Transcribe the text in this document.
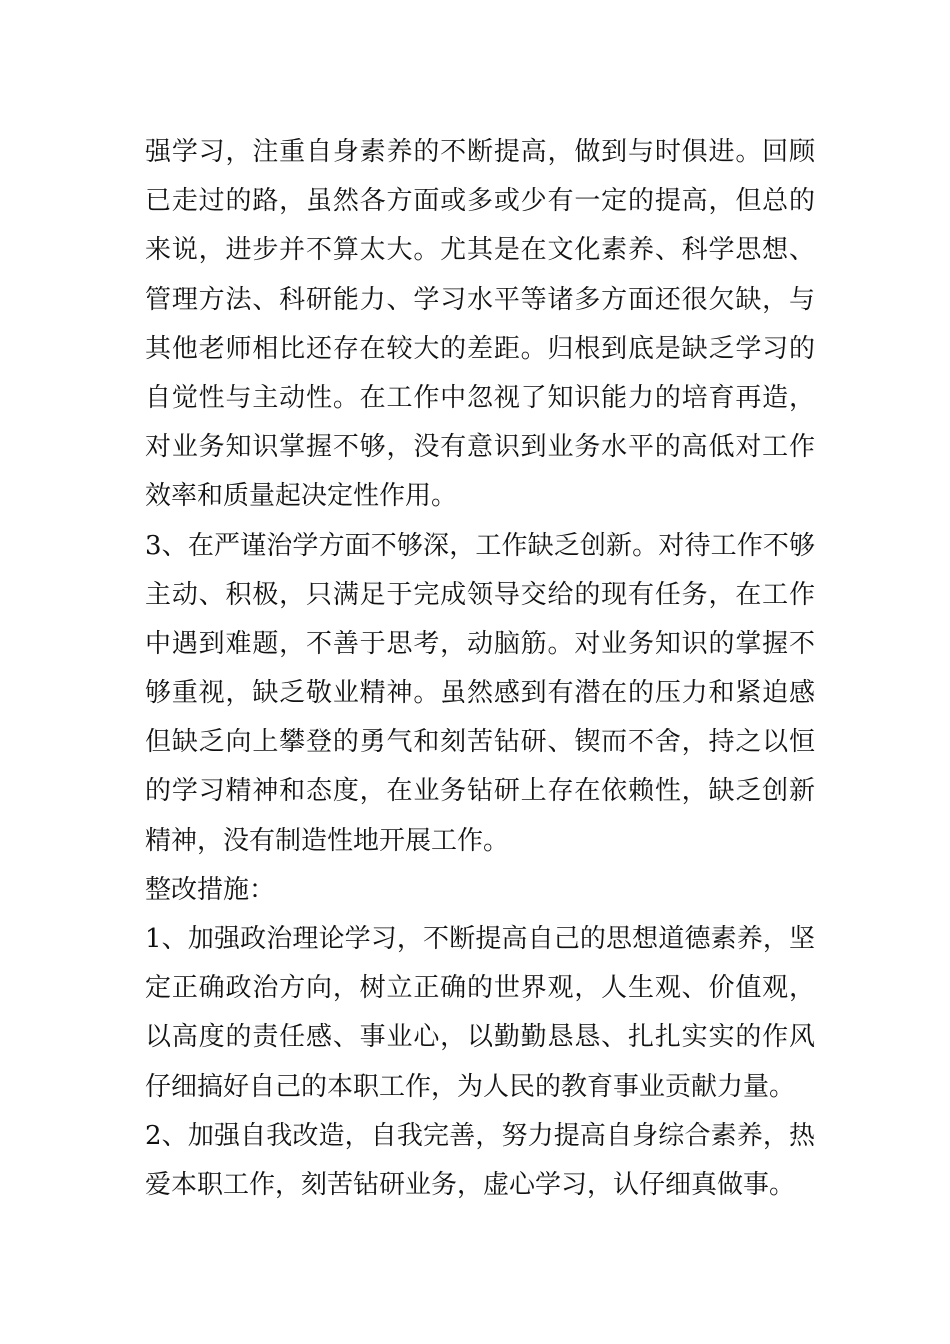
强学习，注重自身素养的不断提高，做到与时俱进。回顾
已走过的路，虽然各方面或多或少有一定的提高，但总的
来说，进步并不算太大。尤其是在文化素养、科学思想、
管理方法、科研能力、学习水平等诸多方面还很欠缺，与
其他老师相比还存在较大的差距。归根到底是缺乏学习的
自觉性与主动性。在工作中忽视了知识能力的培育再造，
对业务知识掌握不够，没有意识到业务水平的高低对工作
效率和质量起决定性作用。
3、在严谨治学方面不够深，工作缺乏创新。对待工作不够
主动、积极，只满足于完成领导交给的现有任务，在工作
中遇到难题，不善于思考，动脑筋。对业务知识的掌握不
够重视，缺乏敬业精神。虽然感到有潜在的压力和紧迫感
但缺乏向上攀登的勇气和刻苦钻研、锲而不舍，持之以恒
的学习精神和态度，在业务钻研上存在依赖性，缺乏创新
精神，没有制造性地开展工作。
整改措施：
1、加强政治理论学习，不断提高自己的思想道德素养，坚
定正确政治方向，树立正确的世界观，人生观、价值观，
以高度的责任感、事业心，以勤勤恳恳、扎扎实实的作风
仔细搞好自己的本职工作，为人民的教育事业贡献力量。
2、加强自我改造，自我完善，努力提高自身综合素养，热
爱本职工作，刻苦钻研业务，虚心学习，认仔细真做事。
